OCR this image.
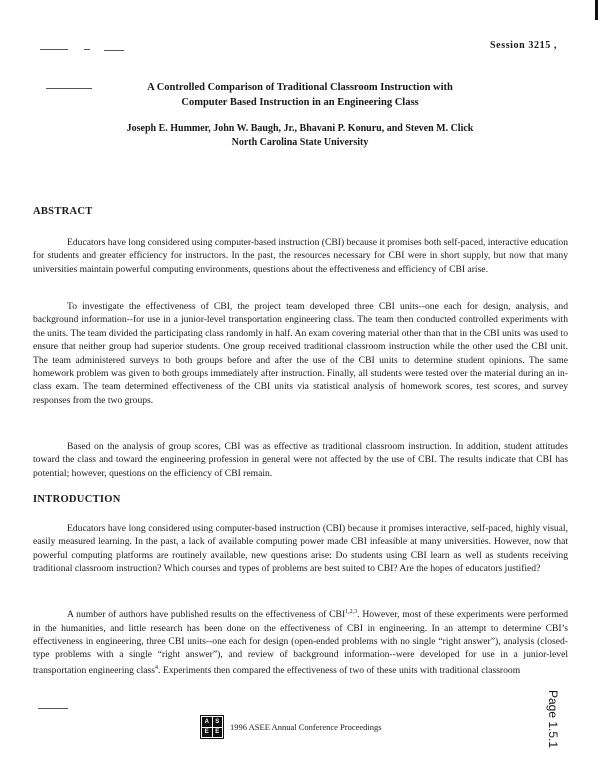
Session 3215 ,
A Controlled Comparison of Traditional Classroom Instruction with
Computer Based Instruction in an Engineering Class
Joseph E. Hummer, John W. Baugh, Jr., Bhavani P. Konuru, and Steven M. Click
North Carolina State University
ABSTRACT

Educators have long considered using computer-based instruction (CBI) because it promises both self-paced, interactive education for students and greater efficiency for instructors. In the past, the resources necessary for CBI were in short supply, but now that many universities maintain powerful computing environments, questions about the effectiveness and efficiency of CBI arise.

To investigate the effectiveness of CBI, the project team developed three CBI units--one each for design, analysis, and background information--for use in a junior-level transportation engineering class. The team then conducted controlled experiments with the units. The team divided the participating class randomly in half. An exam covering material other than that in the CBI units was used to ensure that neither group had superior students. One group received traditional classroom instruction while the other used the CBI unit. The team administered surveys to both groups before and after the use of the CBI units to determine student opinions. The same homework problem was given to both groups immediately after instruction. Finally, all students were tested over the material during an in-class exam. The team determined effectiveness of the CBI units via statistical analysis of homework scores, test scores, and survey responses from the two groups.

Based on the analysis of group scores, CBI was as effective as traditional classroom instruction. In addition, student attitudes toward the class and toward the engineering profession in general were not affected by the use of CBI. The results indicate that CBI has potential; however, questions on the efficiency of CBI remain.

INTRODUCTION

Educators have long considered using computer-based instruction (CBI) because it promises interactive, self-paced, highly visual, easily measured learning. In the past, a lack of available computing power made CBI infeasible at many universities. However, now that powerful computing platforms are routinely available, new questions arise: Do students using CBI learn as well as students receiving traditional classroom instruction? Which courses and types of problems are best suited to CBI? Are the hopes of educators justified?

A number of authors have published results on the effectiveness of CBI$^{1,2,3}$. However, most of these experiments were performed in the humanities, and little research has been done on the effectiveness of CBI in engineering. In an attempt to determine CBI’s effectiveness in engineering, three CBI units--one each for design (open-ended problems with no single “right answer”), analysis (closed-type problems with a single “right answer”), and review of background information--were developed for use in a junior-level transportation engineering class$^4$. Experiments then compared the effectiveness of two of these units with traditional classroom

A	S
E	E
1996 ASEE Annual Conference Proceedings	Page 1.5.1
